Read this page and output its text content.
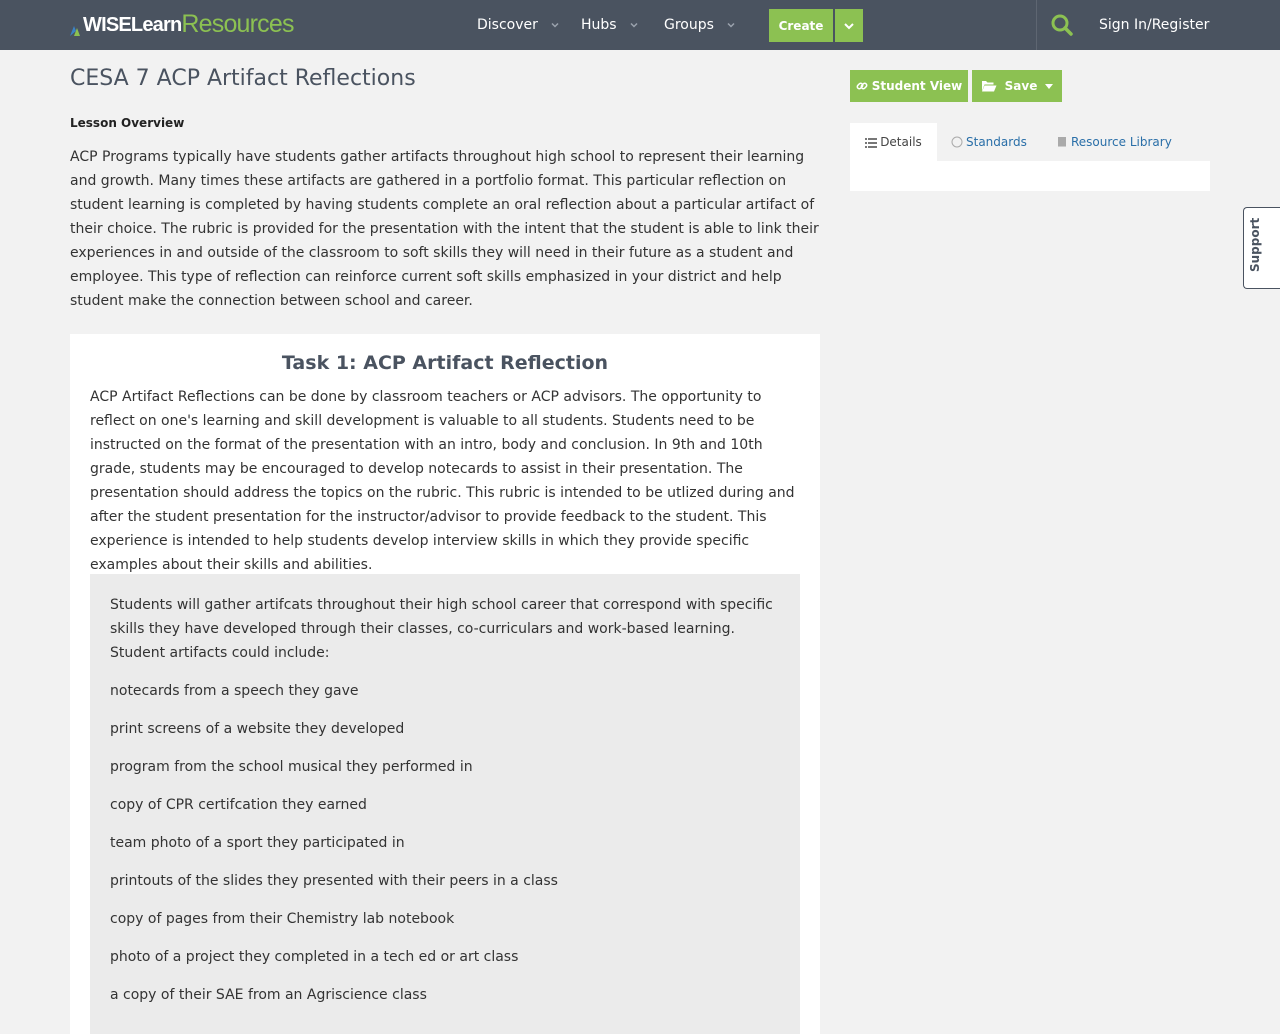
WISELearn Resources	Discover	Hubs	Groups	Create	Sign In/Register
CESA 7 ACP Artifact Reflections
Lesson Overview

ACP Programs typically have students gather artifacts throughout high school to represent their learning and growth. Many times these artifacts are gathered in a portfolio format. This particular reflection on student learning is completed by having students complete an oral reflection about a particular artifact of their choice. The rubric is provided for the presentation with the intent that the student is able to link their experiences in and outside of the classroom to soft skills they will need in their future as a student and employee. This type of reflection can reinforce current soft skills emphasized in your district and help student make the connection between school and career.

Task 1: ACP Artifact Reflection

ACP Artifact Reflections can be done by classroom teachers or ACP advisors. The opportunity to reflect on one's learning and skill development is valuable to all students. Students need to be instructed on the format of the presentation with an intro, body and conclusion. In 9th and 10th grade, students may be encouraged to develop notecards to assist in their presentation. The presentation should address the topics on the rubric. This rubric is intended to be utlized during and after the student presentation for the instructor/advisor to provide feedback to the student. This experience is intended to help students develop interview skills in which they provide specific examples about their skills and abilities.

Students will gather artifcats throughout their high school career that correspond with specific skills they have developed through their classes, co-curriculars and work-based learning. Student artifacts could include:

notecards from a speech they gave
print screens of a website they developed
program from the school musical they performed in
copy of CPR certifcation they earned
team photo of a sport they participated in
printouts of the slides they presented with their peers in a class
copy of pages from their Chemistry lab notebook
photo of a project they completed in a tech ed or art class
a copy of their SAE from an Agriscience class
Student View	Save
Details	Standards	Resource Library
Support
